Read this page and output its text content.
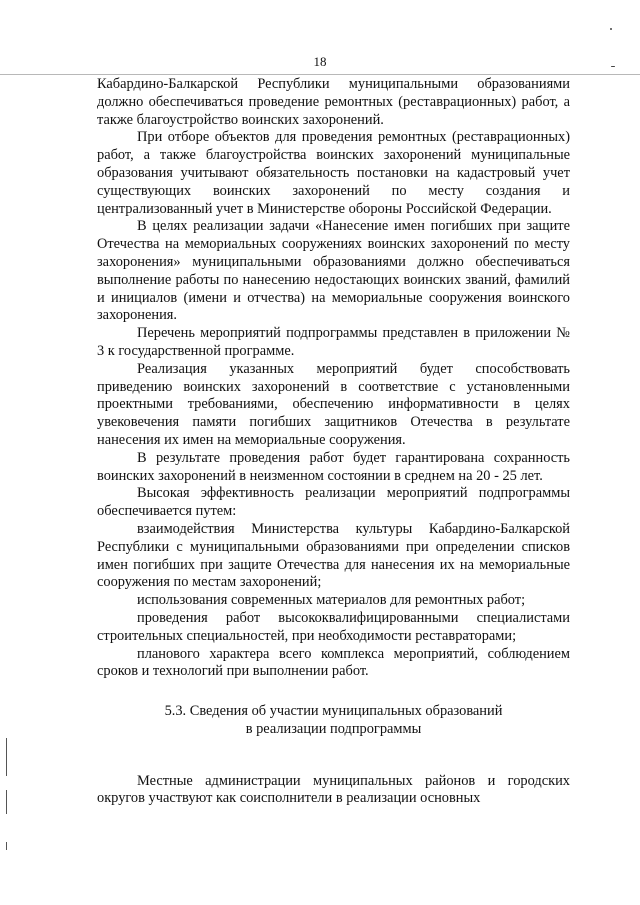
18

Кабардино-Балкарской Республики муниципальными образованиями должно обеспечиваться проведение ремонтных (реставрационных) работ, а также благоустройство воинских захоронений.

При отборе объектов для проведения ремонтных (реставрационных) работ, а также благоустройства воинских захоронений муниципальные образования учитывают обязательность постановки на кадастровый учет существующих воинских захоронений по месту создания и централизованный учет в Министерстве обороны Российской Федерации.

В целях реализации задачи «Нанесение имен погибших при защите Отечества на мемориальных сооружениях воинских захоронений по месту захоронения» муниципальными образованиями должно обеспечиваться выполнение работы по нанесению недостающих воинских званий, фамилий и инициалов (имени и отчества) на мемориальные сооружения воинского захоронения.

Перечень мероприятий подпрограммы представлен в приложении № 3 к государственной программе.

Реализация указанных мероприятий будет способствовать приведению воинских захоронений в соответствие с установленными проектными требованиями, обеспечению информативности в целях увековечения памяти погибших защитников Отечества в результате нанесения их имен на мемориальные сооружения.

В результате проведения работ будет гарантирована сохранность воинских захоронений в неизменном состоянии в среднем на 20 - 25 лет.

Высокая эффективность реализации мероприятий подпрограммы обеспечивается путем:

взаимодействия Министерства культуры Кабардино-Балкарской Республики с муниципальными образованиями при определении списков имен погибших при защите Отечества для нанесения их на мемориальные сооружения по местам захоронений;

использования современных материалов для ремонтных работ;

проведения работ высококвалифицированными специалистами строительных специальностей, при необходимости реставраторами;

планового характера всего комплекса мероприятий, соблюдением сроков и технологий при выполнении работ.

5.3. Сведения об участии муниципальных образований
в реализации подпрограммы

Местные администрации муниципальных районов и городских округов участвуют как соисполнители в реализации основных
